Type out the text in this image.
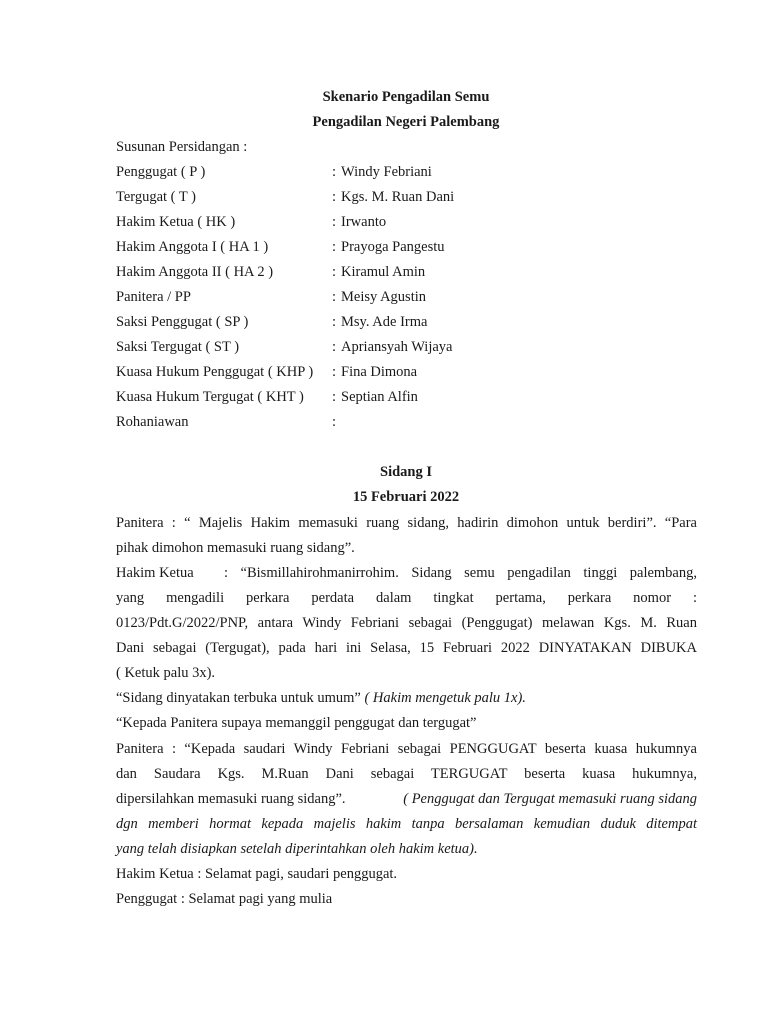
Skenario Pengadilan Semu
Pengadilan Negeri Palembang
Susunan Persidangan :
Penggugat ( P )	: Windy Febriani
Tergugat ( T )	: Kgs. M. Ruan Dani
Hakim Ketua ( HK )	: Irwanto
Hakim Anggota I ( HA 1 )	: Prayoga Pangestu
Hakim Anggota II ( HA 2 )	: Kiramul Amin
Panitera / PP	: Meisy Agustin
Saksi Penggugat ( SP )	: Msy. Ade Irma
Saksi Tergugat ( ST )	: Apriansyah Wijaya
Kuasa Hukum Penggugat ( KHP ) : Fina Dimona
Kuasa Hukum Tergugat ( KHT ) : Septian Alfin
Rohaniawan	:
Sidang I
15 Februari 2022
Panitera : “ Majelis Hakim memasuki ruang sidang, hadirin dimohon untuk berdiri”. “Para
pihak dimohon memasuki ruang sidang”.
Hakim Ketua : “Bismillahirohmanirrohim. Sidang semu pengadilan tinggi palembang,
yang mengadili perkara perdata dalam tingkat pertama, perkara nomor :
0123/Pdt.G/2022/PNP, antara Windy Febriani sebagai (Penggugat) melawan Kgs. M. Ruan
Dani sebagai (Tergugat), pada hari ini Selasa, 15 Februari 2022 DINYATAKAN DIBUKA
( Ketuk palu 3x).
“Sidang dinyatakan terbuka untuk umum” ( Hakim mengetuk palu 1x).
“Kepada Panitera supaya memanggil penggugat dan tergugat”
Panitera : “Kepada saudari Windy Febriani sebagai PENGGUGAT beserta kuasa hukumnya
dan Saudara Kgs. M.Ruan Dani sebagai TERGUGAT beserta kuasa hukumnya,
dipersilahkan memasuki ruang sidang”.	( Penggugat dan Tergugat memasuki ruang sidang
dgn memberi hormat kepada majelis hakim tanpa bersalaman kemudian duduk ditempat
yang telah disiapkan setelah diperintahkan oleh hakim ketua).
Hakim Ketua : Selamat pagi, saudari penggugat.
Penggugat : Selamat pagi yang mulia
